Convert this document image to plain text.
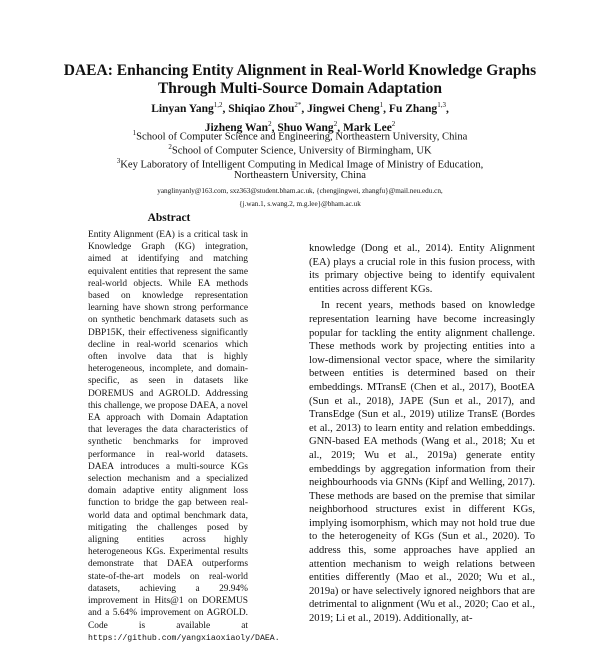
DAEA: Enhancing Entity Alignment in Real-World Knowledge Graphs
Through Multi-Source Domain Adaptation
Linyan Yang$^{1,2}$, Shiqiao Zhou$^{2*}$, Jingwei Cheng$^1$, Fu Zhang$^{1,3}$,
Jizheng Wan$^2$, Shuo Wang$^2$, Mark Lee$^2$
$^1$School of Computer Science and Engineering, Northeastern University, China
$^2$School of Computer Science, University of Birmingham, UK
$^3$Key Laboratory of Intelligent Computing in Medical Image of Ministry of Education,
Northeastern University, China
yanglinyanly@163.com, sxz363@student.bham.ac.uk, {chengjingwei, zhangfu}@mail.neu.edu.cn,
{j.wan.1, s.wang.2, m.g.lee}@bham.ac.uk
Abstract

Entity Alignment (EA) is a critical task in Knowledge Graph (KG) integration, aimed at identifying and matching equivalent entities that represent the same real-world objects. While EA methods based on knowledge representation learning have shown strong performance on synthetic benchmark datasets such as DBP15K, their effectiveness significantly decline in real-world scenarios which often involve data that is highly heterogeneous, incomplete, and domain-specific, as seen in datasets like DOREMUS and AGROLD. Addressing this challenge, we propose DAEA, a novel EA approach with Domain Adaptation that leverages the data characteristics of synthetic benchmarks for improved performance in real-world datasets. DAEA introduces a multi-source KGs selection mechanism and a specialized domain adaptive entity alignment loss function to bridge the gap between real-world data and optimal benchmark data, mitigating the challenges posed by aligning entities across highly heterogeneous KGs. Experimental results demonstrate that DAEA outperforms state-of-the-art models on real-world datasets, achieving a 29.94% improvement in Hits@1 on DOREMUS and a 5.64% improvement on AGROLD. Code is available at https://github.com/yangxiaoxiaoly/DAEA.

knowledge (Dong et al., 2014). Entity Alignment (EA) plays a crucial role in this fusion process, with its primary objective being to identify equivalent entities across different KGs.

In recent years, methods based on knowledge representation learning have become increasingly popular for tackling the entity alignment challenge. These methods work by projecting entities into a low-dimensional vector space, where the similarity between entities is determined based on their embeddings. MTransE (Chen et al., 2017), BootEA (Sun et al., 2018), JAPE (Sun et al., 2017), and TransEdge (Sun et al., 2019) utilize TransE (Bordes et al., 2013) to learn entity and relation embeddings. GNN-based EA methods (Wang et al., 2018; Xu et al., 2019; Wu et al., 2019a) generate entity embeddings by aggregation information from their neighbourhoods via GNNs (Kipf and Welling, 2017). These methods are based on the premise that similar neighborhood structures exist in different KGs, implying isomorphism, which may not hold true due to the heterogeneity of KGs (Sun et al., 2020). To address this, some approaches have applied an attention mechanism to weigh relations between entities differently (Mao et al., 2020; Wu et al., 2019a) or have selectively ignored neighbors that are detrimental to alignment (Wu et al., 2020; Cao et al., 2019; Li et al., 2019). Additionally, at-
